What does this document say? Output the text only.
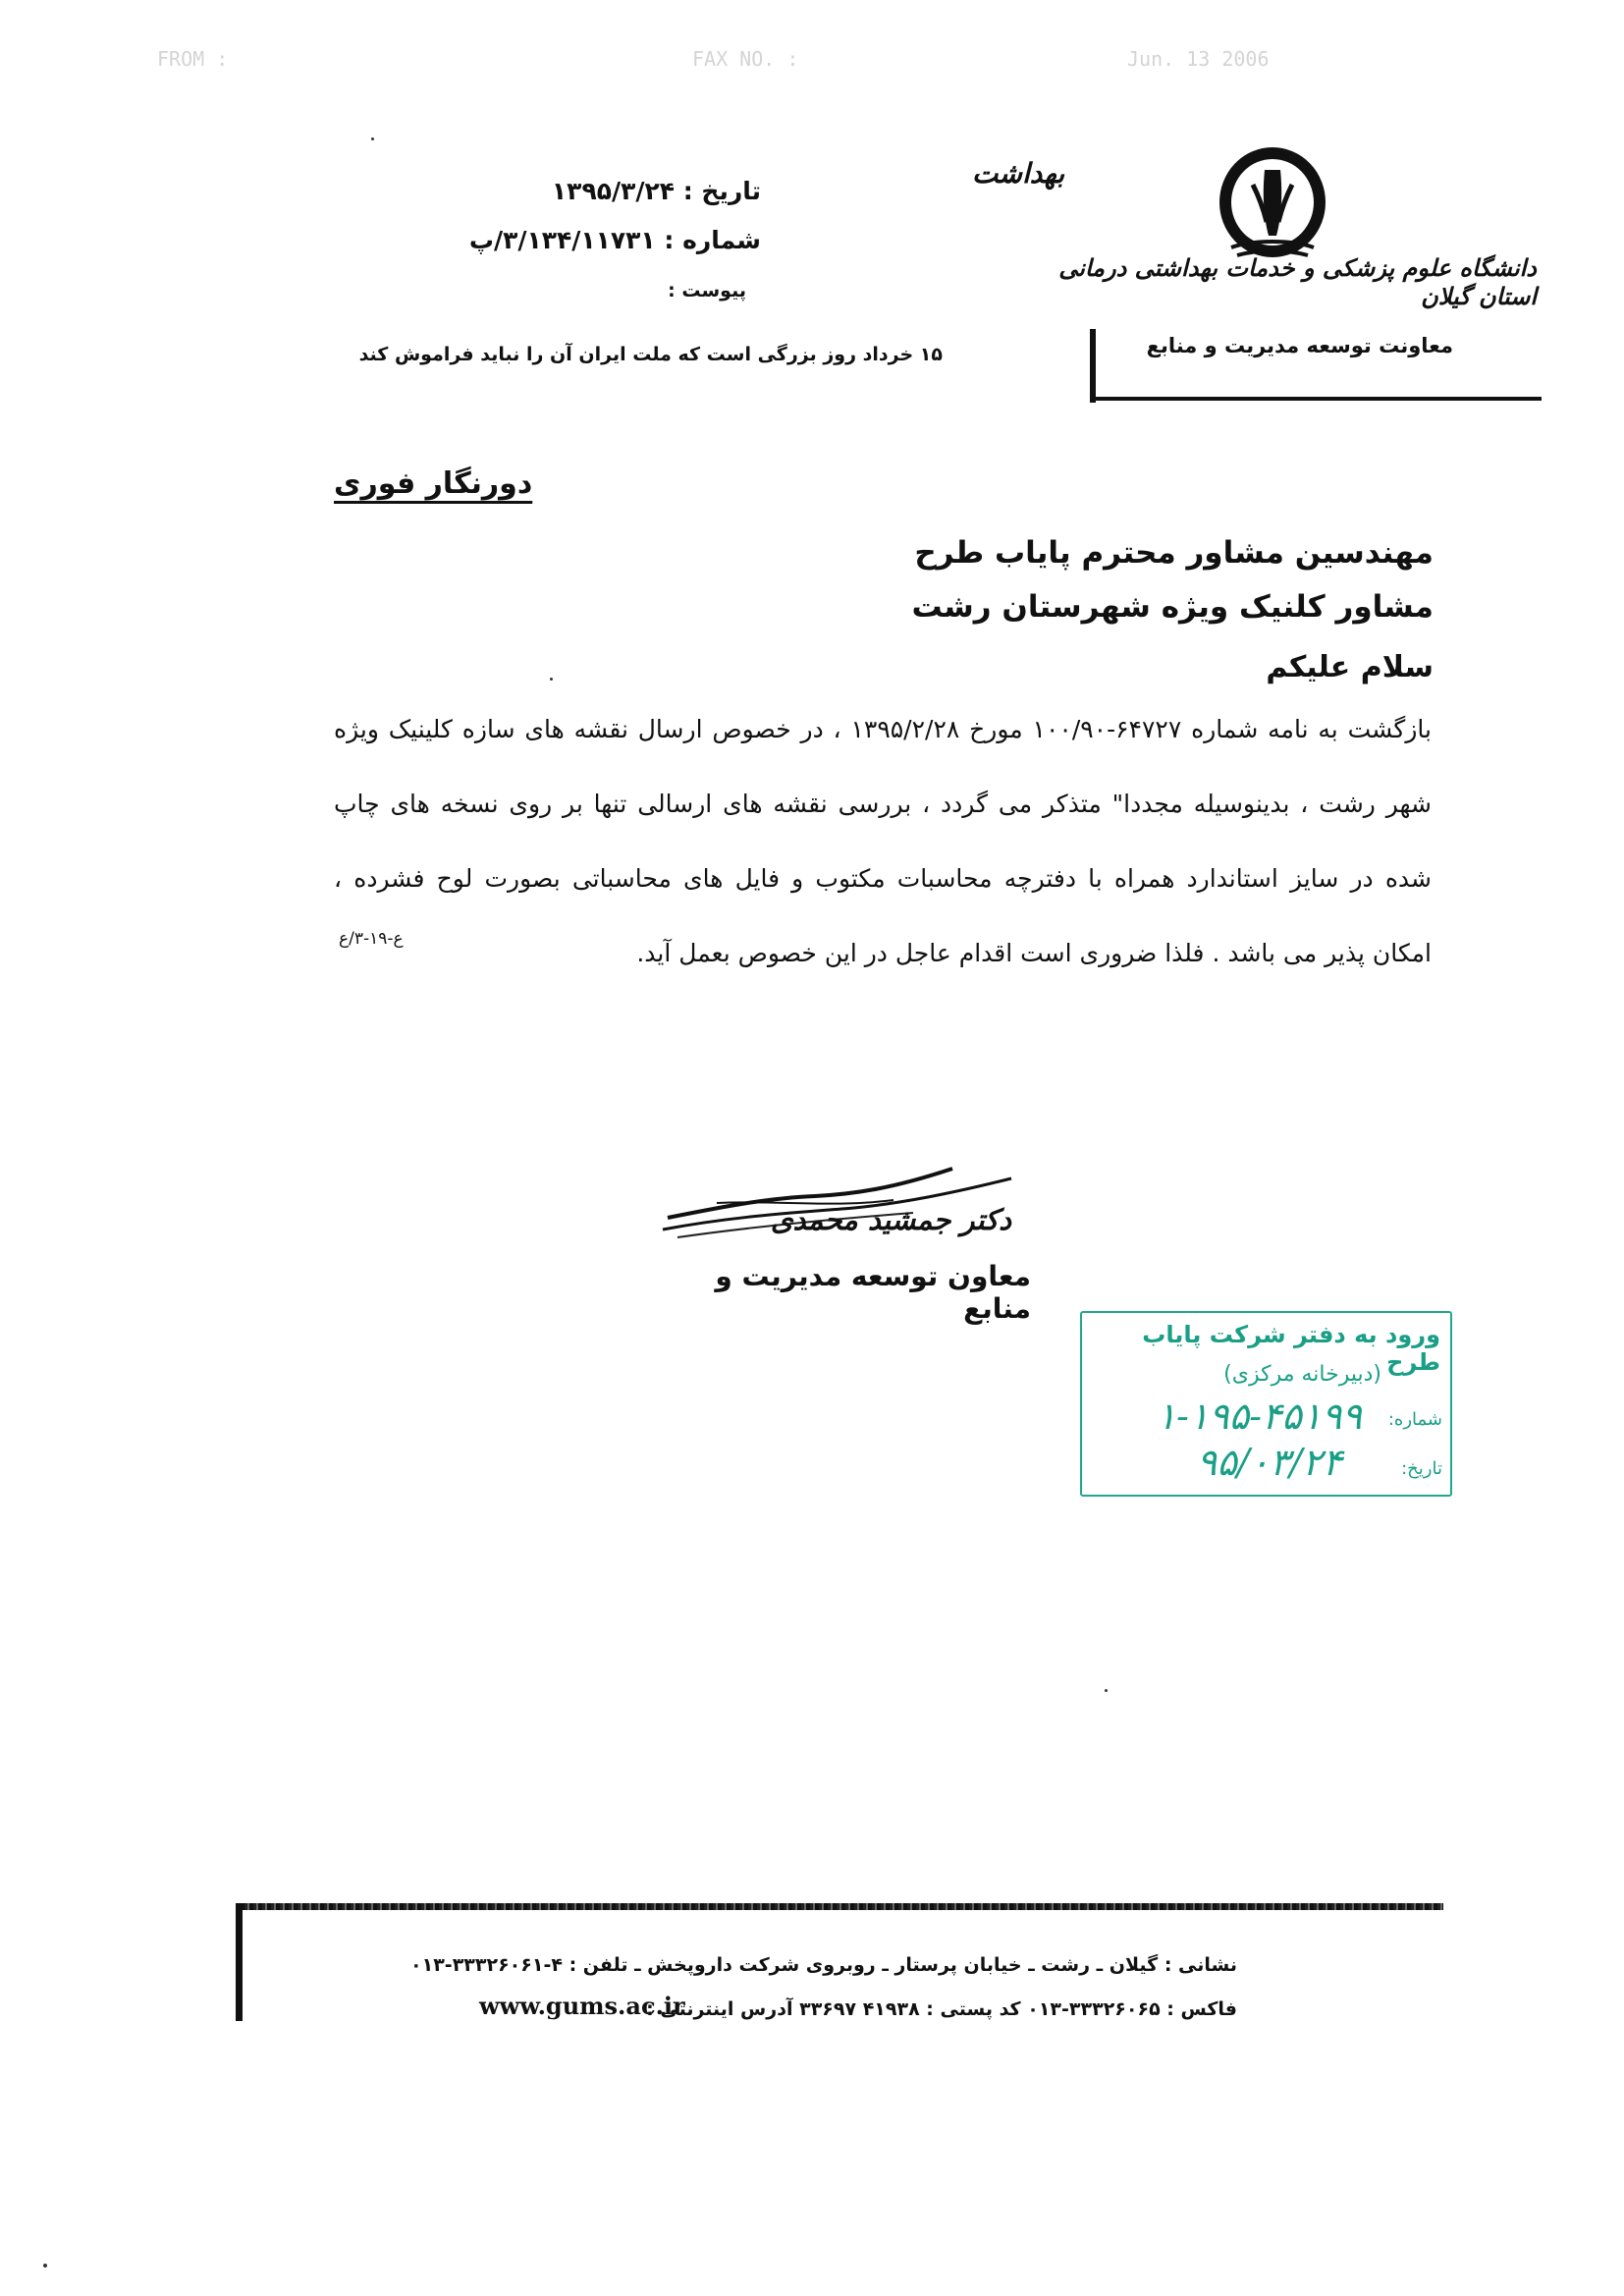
FROM :	FAX NO. :	Jun. 13 2006
تاریخ : ۱۳۹۵/۳/۲۴
شماره : ۳/۱۳۴/۱۱۷۳۱/پ
پیوست :
۱۵ خرداد روز بزرگی است که ملت ایران آن را نباید فراموش کند
بهداشت
دانشگاه علوم پزشکی و خدمات بهداشتی درمانی استان گیلان
معاونت توسعه مدیریت و منابع
دورنگار فوری
مهندسین مشاور محترم پایاب طرح
مشاور کلنیک ویژه شهرستان رشت
سلام علیکم

بازگشت به نامه شماره ۶۴۷۲۷-۱۰۰/۹۰ مورخ ۱۳۹۵/۲/۲۸ ، در خصوص ارسال نقشه های سازه کلینیک ویژه شهر رشت ، بدینوسیله مجددا" متذکر می گردد ، بررسی نقشه های ارسالی تنها بر روی نسخه های چاپ شده در سایز استاندارد همراه با دفترچه محاسبات مکتوب و فایل های محاسباتی بصورت لوح فشرده ، امکان پذیر می باشد . فلذا ضروری است اقدام عاجل در این خصوص بعمل آید.

ع-۱۹-۳/ع
دکتر جمشید محمدی
معاون توسعه مدیریت و منابع
ورود به دفتر شرکت پایاب طرح
(دبیرخانه مرکزی)
شماره:
۱-۱۹۵-۴۵۱۹۹
تاریخ:
۹۵/۰۳/۲۴
نشانی : گیلان ـ رشت ـ خیابان پرستار ـ روبروی شرکت داروپخش ـ تلفن : ۴-۳۳۳۲۶۰۶۱-۰۱۳
فاکس : ۳۳۳۲۶۰۶۵-۰۱۳ کد پستی : ۴۱۹۳۸ ۳۳۶۹۷ آدرس اینترنتی :
www.gums.ac.ir
